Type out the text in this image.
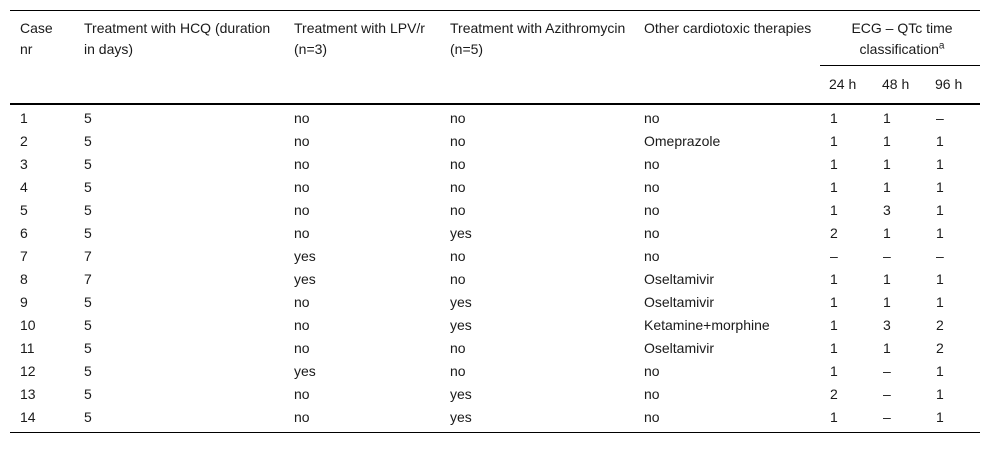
Case nr	Treatment with HCQ (duration in days)	Treatment with LPV/r (n=3)	Treatment with Azithromycin (n=5)	Other cardiotoxic therapies	ECG – QTc time classification$^a$
					24 h	48 h	96 h
1	5	no	no	no	1	1	–
2	5	no	no	Omeprazole	1	1	1
3	5	no	no	no	1	1	1
4	5	no	no	no	1	1	1
5	5	no	no	no	1	3	1
6	5	no	yes	no	2	1	1
7	7	yes	no	no	–	–	–
8	7	yes	no	Oseltamivir	1	1	1
9	5	no	yes	Oseltamivir	1	1	1
10	5	no	yes	Ketamine+morphine	1	3	2
11	5	no	no	Oseltamivir	1	1	2
12	5	yes	no	no	1	–	1
13	5	no	yes	no	2	–	1
14	5	no	yes	no	1	–	1
